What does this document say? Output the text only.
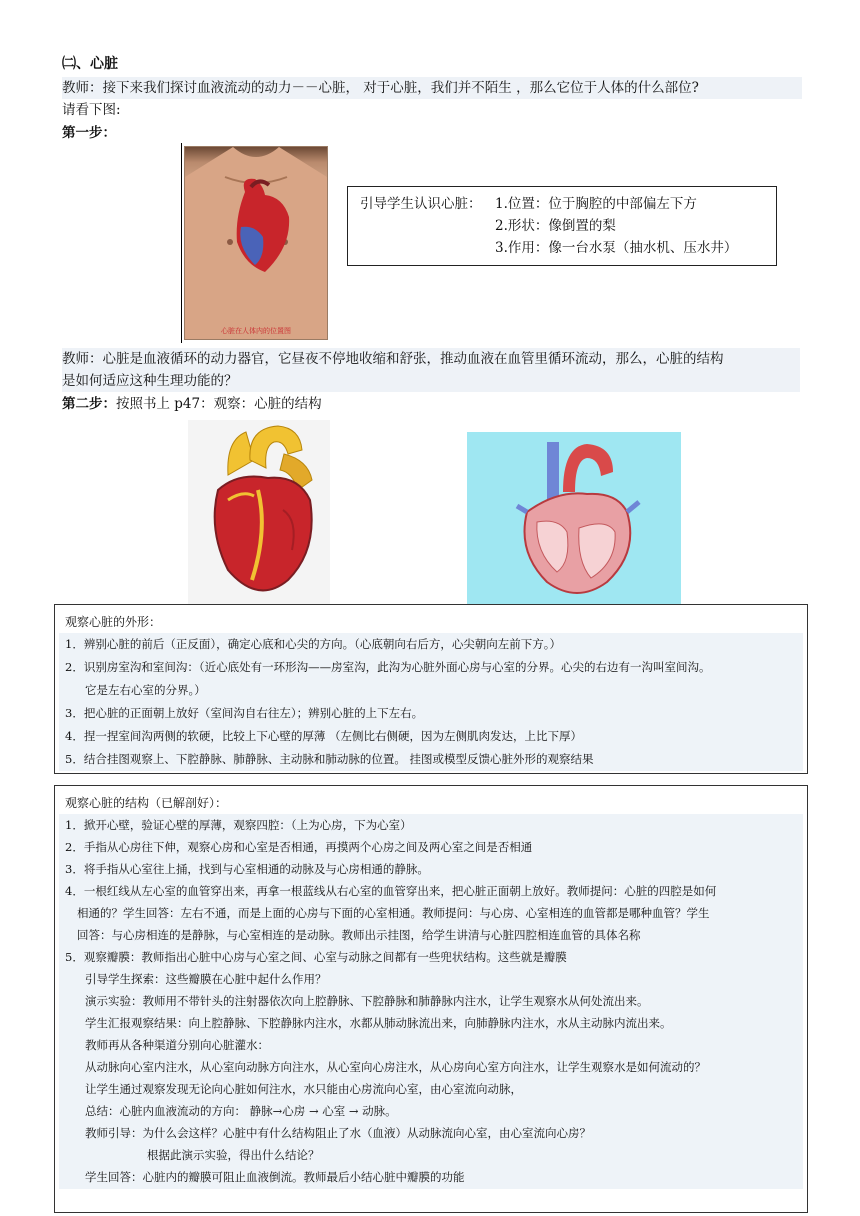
㈡、心脏
教师：接下来我们探讨血液流动的动力－－心脏， 对于心脏，我们并不陌生 ，那么它位于人体的什么部位?
请看下图:
第一步：
心脏在人体内的位置图
引导学生认识心脏： 1.位置：位于胸腔的中部偏左下方
2.形状：像倒置的梨
3.作用：像一台水泵（抽水机、压水井）
教师：心脏是血液循环的动力器官，它昼夜不停地收缩和舒张，推动血液在血管里循环流动，那么，心脏的结构
是如何适应这种生理功能的？
第二步：按照书上 p47：观察：心脏的结构
观察心脏的外形：
1．辨别心脏的前后（正反面），确定心底和心尖的方向。（心底朝向右后方，心尖朝向左前下方。）
2．识别房室沟和室间沟：（近心底处有一环形沟——房室沟，此沟为心脏外面心房与心室的分界。心尖的右边有一沟叫室间沟。
它是左右心室的分界。）
3．把心脏的正面朝上放好（室间沟自右往左）；辨别心脏的上下左右。
4．捏一捏室间沟两侧的软硬，比较上下心壁的厚薄 （左侧比右侧硬，因为左侧肌肉发达，上比下厚）
5．结合挂图观察上、下腔静脉、肺静脉、主动脉和肺动脉的位置。 挂图或模型反馈心脏外形的观察结果
观察心脏的结构（已解剖好）：
1．掀开心壁，验证心壁的厚薄，观察四腔：（上为心房，下为心室）
2．手指从心房往下伸，观察心房和心室是否相通，再摸两个心房之间及两心室之间是否相通
3．将手指从心室往上捅，找到与心室相通的动脉及与心房相通的静脉。
4．一根红线从左心室的血管穿出来，再拿一根蓝线从右心室的血管穿出来，把心脏正面朝上放好。教师提问：心脏的四腔是如何
相通的？学生回答：左右不通，而是上面的心房与下面的心室相通。教师提问：与心房、心室相连的血管都是哪种血管？学生
回答：与心房相连的是静脉，与心室相连的是动脉。教师出示挂图，给学生讲清与心脏四腔相连血管的具体名称
5．观察瓣膜：教师指出心脏中心房与心室之间、心室与动脉之间都有一些兜状结构。这些就是瓣膜
引导学生探索：这些瓣膜在心脏中起什么作用？
演示实验：教师用不带针头的注射器依次向上腔静脉、下腔静脉和肺静脉内注水，让学生观察水从何处流出来。
学生汇报观察结果：向上腔静脉、下腔静脉内注水，水都从肺动脉流出来，向肺静脉内注水，水从主动脉内流出来。
教师再从各种渠道分别向心脏灌水：
从动脉向心室内注水，从心室向动脉方向注水，从心室向心房注水，从心房向心室方向注水，让学生观察水是如何流动的？
让学生通过观察发现无论向心脏如何注水，水只能由心房流向心室，由心室流向动脉，
总结：心脏内血液流动的方向： 静脉→心房 → 心室 → 动脉。
教师引导：为什么会这样？心脏中有什么结构阻止了水（血液）从动脉流向心室，由心室流向心房？
根据此演示实验，得出什么结论？
学生回答：心脏内的瓣膜可阻止血液倒流。教师最后小结心脏中瓣膜的功能
